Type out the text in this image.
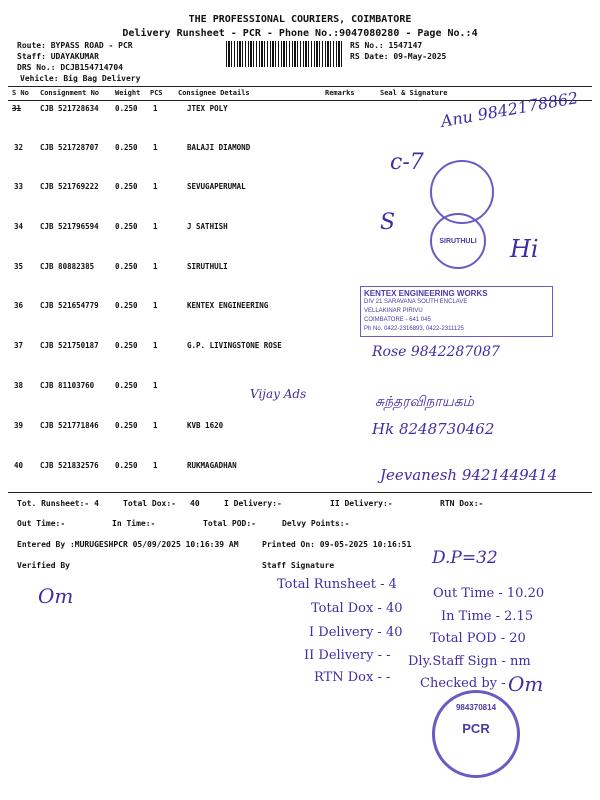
THE PROFESSIONAL COURIERS, COIMBATORE
Delivery Runsheet - PCR - Phone No.:9047080280 - Page No.:4
Route: BYPASS ROAD - PCR
Staff: UDAYAKUMAR
DRS No.: DCJB154714704
Vehicle: Big Bag Delivery
RS No.: 1547147
RS Date: 09-May-2025
S No Consignment No Weight PCS Consignee Details	Remarks	Seal & Signature
31	CJB 521728634 0.250 1	JTEX POLY
32 CJB 521728707 0.250 1	BALAJI DIAMOND
33 CJB 521769222 0.250 1	SEVUGAPERUMAL
34 CJB 521796594 0.250 1	J SATHISH
35 CJB 80882385	0.250 1	SIRUTHULI
36 CJB 521654779 0.250 1	KENTEX ENGINEERING
37 CJB 521750187 0.250 1	G.P. LIVINGSTONE ROSE
38 CJB 81103760	0.250 1
39 CJB 521771846 0.250 1	KVB 1620
40 CJB 521832576 0.250 1	RUKMAGADHAN
Anu 9842178862
c-7
S
Hi
Vijay Ads
Rose 9842287087
சுந்தரவிநாயகம்
Hk 8248730462
Jeevanesh 9421449414
SIRUTHULI
KENTEX ENGINEERING WORKS
DIV 21 SARAVANA SOUTH ENCLAVE
VELLAKINAR PIRIVU
COIMBATORE - 641 045
Ph No. 0422-2316893, 0422-2311125
Tot. Runsheet:- 4	Total Dox:- 40	I Delivery:-	II Delivery:-	RTN Dox:-
Out Time:-	In Time:-	Total POD:-	Delvy Points:-
Entered By :MURUGESHPCR 05/09/2025 10:16:39 AM	Printed On: 09-05-2025 10:16:51
Verified By	Staff Signature
Om
D.P=32
Total Runsheet - 4
Total Dox - 40
I Delivery - 40
II Delivery - -
RTN Dox - -
Out Time - 10.20
In Time - 2.15
Total POD - 20
Dly.Staff Sign - nm
Checked by - Om
PCR
984370814
